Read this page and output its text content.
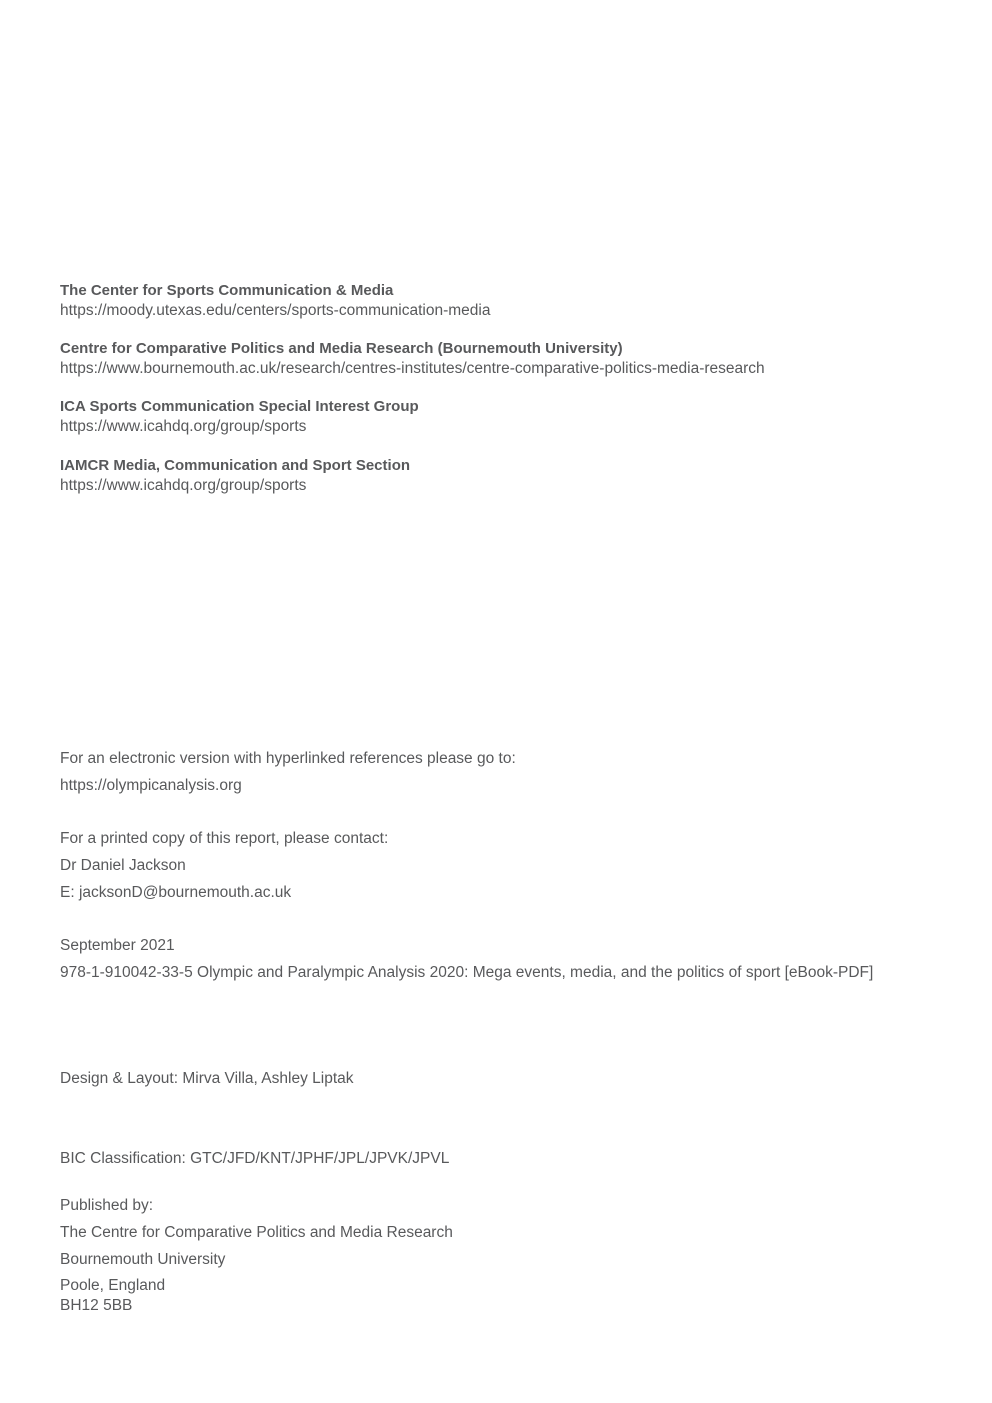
The Center for Sports Communication & Media
https://moody.utexas.edu/centers/sports-communication-media
Centre for Comparative Politics and Media Research (Bournemouth University)
https://www.bournemouth.ac.uk/research/centres-institutes/centre-comparative-politics-media-research
ICA Sports Communication Special Interest Group
https://www.icahdq.org/group/sports
IAMCR Media, Communication and Sport Section
https://www.icahdq.org/group/sports
For an electronic version with hyperlinked references please go to:
https://olympicanalysis.org
For a printed copy of this report, please contact:
Dr Daniel Jackson
E: jacksonD@bournemouth.ac.uk
September 2021
978-1-910042-33-5 Olympic and Paralympic Analysis 2020: Mega events, media, and the politics of sport [eBook-PDF]
Design & Layout: Mirva Villa, Ashley Liptak
BIC Classification: GTC/JFD/KNT/JPHF/JPL/JPVK/JPVL
Published by:
The Centre for Comparative Politics and Media Research
Bournemouth University
Poole, England
BH12 5BB
